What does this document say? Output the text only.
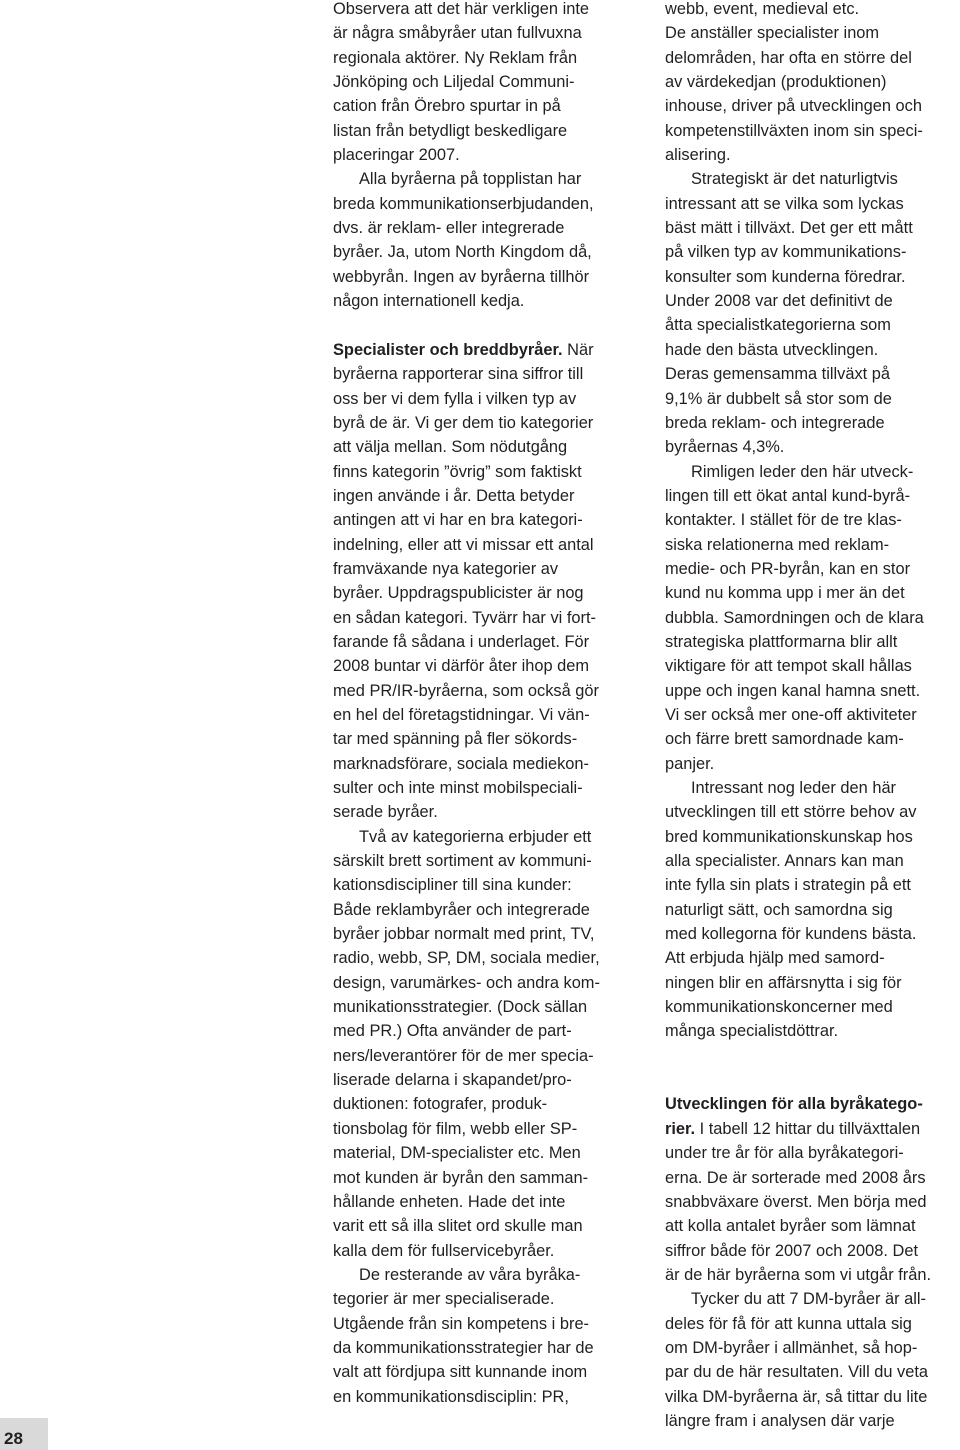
Observera att det här verkligen inte
är några småbyråer utan fullvuxna
regionala aktörer. Ny Reklam från
Jönköping och Liljedal Communi-
cation från Örebro spurtar in på
listan från betydligt beskedligare
placeringar 2007.
Alla byråerna på topplistan har
breda kommunikationserbjudanden,
dvs. är reklam- eller integrerade
byråer. Ja, utom North Kingdom då,
webbyrån. Ingen av byråerna tillhör
någon internationell kedja.
Specialister och breddbyråer. När
byråerna rapporterar sina siffror till
oss ber vi dem fylla i vilken typ av
byrå de är. Vi ger dem tio kategorier
att välja mellan. Som nödutgång
finns kategorin ”övrig” som faktiskt
ingen använde i år. Detta betyder
antingen att vi har en bra kategori-
indelning, eller att vi missar ett antal
framväxande nya kategorier av
byråer. Uppdragspublicister är nog
en sådan kategori. Tyvärr har vi fort-
farande få sådana i underlaget. För
2008 buntar vi därför åter ihop dem
med PR/IR-byråerna, som också gör
en hel del företagstidningar. Vi vän-
tar med spänning på fler sökords-
marknadsförare, sociala mediekon-
sulter och inte minst mobilspeciali-
serade byråer.
Två av kategorierna erbjuder ett
särskilt brett sortiment av kommuni-
kationsdiscipliner till sina kunder:
Både reklambyråer och integrerade
byråer jobbar normalt med print, TV,
radio, webb, SP, DM, sociala medier,
design, varumärkes- och andra kom-
munikationsstrategier. (Dock sällan
med PR.) Ofta använder de part-
ners/leverantörer för de mer specia-
liserade delarna i skapandet/pro-
duktionen: fotografer, produk-
tionsbolag för film, webb eller SP-
material, DM-specialister etc. Men
mot kunden är byrån den samman-
hållande enheten. Hade det inte
varit ett så illa slitet ord skulle man
kalla dem för fullservicebyråer.
De resterande av våra byråka-
tegorier är mer specialiserade.
Utgående från sin kompetens i bre-
da kommunikationsstrategier har de
valt att fördjupa sitt kunnande inom
en kommunikationsdisciplin: PR,
webb, event, medieval etc.
De anställer specialister inom
delområden, har ofta en större del
av värdekedjan (produktionen)
inhouse, driver på utvecklingen och
kompetenstillväxten inom sin speci-
alisering.
Strategiskt är det naturligtvis
intressant att se vilka som lyckas
bäst mätt i tillväxt. Det ger ett mått
på vilken typ av kommunikations-
konsulter som kunderna föredrar.
Under 2008 var det definitivt de
åtta specialistkategorierna som
hade den bästa utvecklingen.
Deras gemensamma tillväxt på
9,1% är dubbelt så stor som de
breda reklam- och integrerade
byråernas 4,3%.
Rimligen leder den här utveck-
lingen till ett ökat antal kund-byrå-
kontakter. I stället för de tre klas-
siska relationerna med reklam-
medie- och PR-byrån, kan en stor
kund nu komma upp i mer än det
dubbla. Samordningen och de klara
strategiska plattformarna blir allt
viktigare för att tempot skall hållas
uppe och ingen kanal hamna snett.
Vi ser också mer one-off aktiviteter
och färre brett samordnade kam-
panjer.
Intressant nog leder den här
utvecklingen till ett större behov av
bred kommunikationskunskap hos
alla specialister. Annars kan man
inte fylla sin plats i strategin på ett
naturligt sätt, och samordna sig
med kollegorna för kundens bästa.
Att erbjuda hjälp med samord-
ningen blir en affärsnytta i sig för
kommunikationskoncerner med
många specialistdöttrar.
Utvecklingen för alla byråkatego-
rier. I tabell 12 hittar du tillväxttalen
under tre år för alla byråkategori-
erna. De är sorterade med 2008 års
snabbväxare överst. Men börja med
att kolla antalet byråer som lämnat
siffror både för 2007 och 2008. Det
är de här byråerna som vi utgår från.
Tycker du att 7 DM-byråer är all-
deles för få för att kunna uttala sig
om DM-byråer i allmänhet, så hop-
par du de här resultaten. Vill du veta
vilka DM-byråerna är, så tittar du lite
längre fram i analysen där varje
28
